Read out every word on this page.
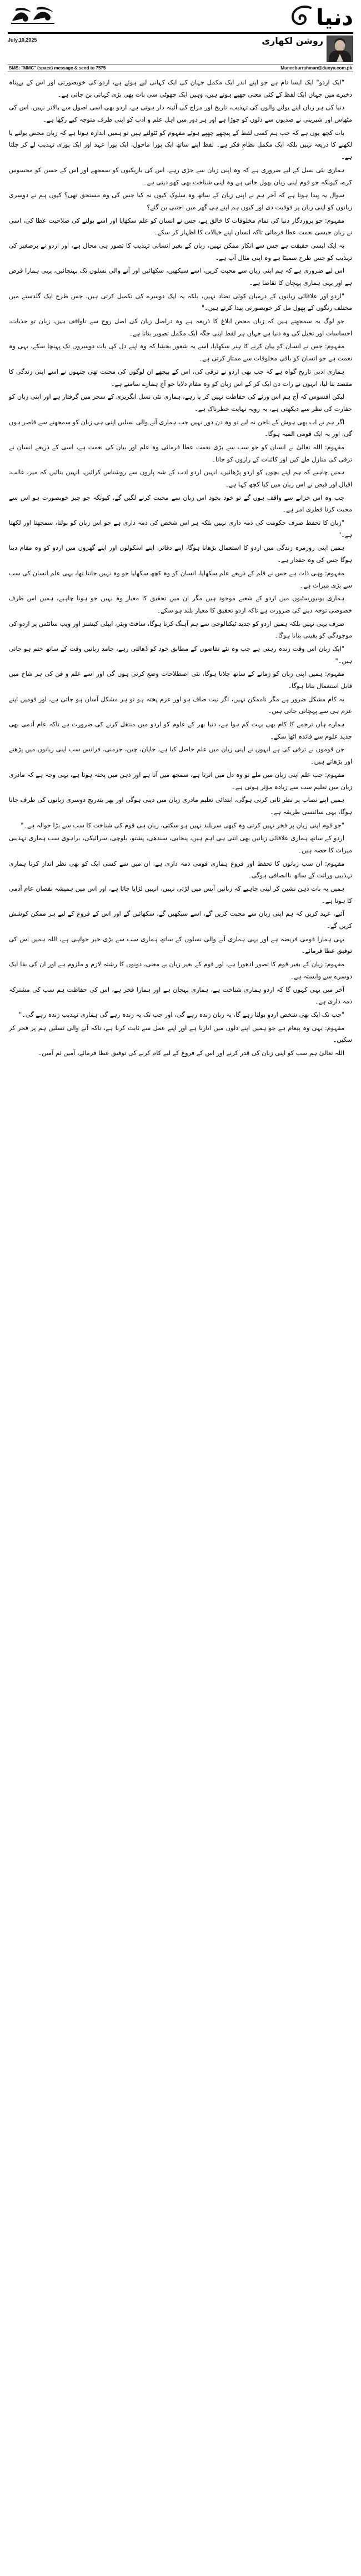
دنیا
July,10,2025	روشن لکھاری
SMS: "MMC" (space) message & send to 7575	Muneeburrahman@dunya.com.pk

"ایک اردو" ایک ایسا نام ہے جو اپنے اندر ایک مکمل جہان کی ایک کہانی لیے ہوئے ہے، اردو کی خوبصورتی اور اس کے بےپناہ ذخیرے میں جہاں ایک لفظ کے کئی معنی چھپے ہوتے ہیں، وہیں ایک چھوٹی سی بات بھی بڑی کہانی بن جاتی ہے۔

دنیا کی ہر زبان اپنے بولنے والوں کی تہذیب، تاریخ اور مزاج کی آئینہ دار ہوتی ہے، اردو بھی اسی اصول سے بالاتر نہیں، اس کی مٹھاس اور شیرینی نے صدیوں سے دلوں کو جوڑا ہے اور ہر دور میں اہل علم و ادب کو اپنی طرف متوجہ کیے رکھا ہے۔

بات کچھ یوں ہے کہ جب ہم کسی لفظ کے پیچھے چھپے ہوئے مفہوم کو ٹٹولتے ہیں تو ہمیں اندازہ ہوتا ہے کہ زبان محض بولنے یا لکھنے کا ذریعہ نہیں بلکہ ایک مکمل نظامِ فکر ہے۔ لفظ اپنے ساتھ ایک پورا ماحول، ایک پورا عہد اور ایک پوری تہذیب لے کر چلتا ہے۔

ہماری نئی نسل کے لیے ضروری ہے کہ وہ اپنی زبان سے جڑی رہے، اس کی باریکیوں کو سمجھے اور اس کے حسن کو محسوس کرے، کیونکہ جو قوم اپنی زبان بھول جاتی ہے وہ اپنی شناخت بھی کھو دیتی ہے۔

سوال یہ پیدا ہوتا ہے کہ آخر ہم نے اپنی زبان کے ساتھ وہ سلوک کیوں نہ کیا جس کی وہ مستحق تھی؟ کیوں ہم نے دوسری زبانوں کو اپنی زبان پر فوقیت دی اور کیوں ہم اپنے ہی گھر میں اجنبی بن گئے؟

مفہوم: جو پروردگار دنیا کی تمام مخلوقات کا خالق ہے، جس نے انسان کو علم سکھایا اور اسے بولنے کی صلاحیت عطا کی، اسی نے زبان جیسی نعمت عطا فرمائی تاکہ انسان اپنے خیالات کا اظہار کر سکے۔

یہ ایک ایسی حقیقت ہے جس سے انکار ممکن نہیں، زبان کے بغیر انسانی تہذیب کا تصور ہی محال ہے، اور اردو نے برصغیر کی تہذیب کو جس طرح سمیٹا ہے وہ اپنی مثال آپ ہے۔

اس لیے ضروری ہے کہ ہم اپنی زبان سے محبت کریں، اسے سیکھیں، سکھائیں اور آنے والی نسلوں تک پہنچائیں، یہی ہمارا فرض ہے اور یہی ہماری پہچان کا تقاضا ہے۔

"اردو اور علاقائی زبانوں کے درمیان کوئی تضاد نہیں، بلکہ یہ ایک دوسرے کی تکمیل کرتی ہیں، جس طرح ایک گلدستے میں مختلف رنگوں کے پھول مل کر خوبصورتی پیدا کرتے ہیں۔"

جو لوگ یہ سمجھتے ہیں کہ زبان محض ابلاغ کا ذریعہ ہے وہ دراصل زبان کی اصل روح سے ناواقف ہیں، زبان تو جذبات، احساسات اور تخیل کی وہ دنیا ہے جہاں ہر لفظ اپنی جگہ ایک مکمل تصویر بناتا ہے۔

مفہوم: جس نے انسان کو بیان کرنے کا ہنر سکھایا، اسے یہ شعور بخشا کہ وہ اپنے دل کی بات دوسروں تک پہنچا سکے، یہی وہ نعمت ہے جو انسان کو باقی مخلوقات سے ممتاز کرتی ہے۔

ہماری ادبی تاریخ گواہ ہے کہ جب بھی اردو نے ترقی کی، اس کے پیچھے ان لوگوں کی محنت تھی جنہوں نے اسے اپنی زندگی کا مقصد بنا لیا، انہوں نے رات دن ایک کر کے اس زبان کو وہ مقام دلایا جو آج ہمارے سامنے ہے۔

لیکن افسوس کہ آج ہم اس ورثے کی حفاظت نہیں کر پا رہے، ہماری نئی نسل انگریزی کے سحر میں گرفتار ہے اور اپنی زبان کو حقارت کی نظر سے دیکھتی ہے، یہ رویہ نہایت خطرناک ہے۔

اگر ہم نے اب بھی ہوش کے ناخن نہ لیے تو وہ دن دور نہیں جب ہماری آنے والی نسلیں اپنی ہی زبان کو سمجھنے سے قاصر ہوں گی، اور یہ ایک قومی المیہ ہوگا۔

مفہوم: اللہ تعالیٰ نے انسان کو جو سب سے بڑی نعمت عطا فرمائی وہ علم اور بیان کی نعمت ہے، اسی کے ذریعے انسان نے ترقی کی منازل طے کیں اور کائنات کے رازوں کو جانا۔

ہمیں چاہیے کہ ہم اپنے بچوں کو اردو پڑھائیں، انہیں اردو ادب کے شہ پاروں سے روشناس کرائیں، انہیں بتائیں کہ میر، غالب، اقبال اور فیض نے اس زبان میں کیا کچھ کہا ہے۔

جب وہ اس خزانے سے واقف ہوں گے تو خود بخود اس زبان سے محبت کرنے لگیں گے، کیونکہ جو چیز خوبصورت ہو اس سے محبت کرنا فطری امر ہے۔

"زبان کا تحفظ صرف حکومت کی ذمہ داری نہیں بلکہ ہر اس شخص کی ذمہ داری ہے جو اس زبان کو بولتا، سمجھتا اور لکھتا ہے۔"

ہمیں اپنی روزمرہ زندگی میں اردو کا استعمال بڑھانا ہوگا، اپنے دفاتر، اپنے اسکولوں اور اپنے گھروں میں اردو کو وہ مقام دینا ہوگا جس کی وہ حقدار ہے۔

مفہوم: وہی ذات ہے جس نے قلم کے ذریعے علم سکھایا، انسان کو وہ کچھ سکھایا جو وہ نہیں جانتا تھا، یہی علم انسان کی سب سے بڑی میراث ہے۔

ہماری یونیورسٹیوں میں اردو کے شعبے موجود ہیں مگر ان میں تحقیق کا معیار وہ نہیں جو ہونا چاہیے، ہمیں اس طرف خصوصی توجہ دینے کی ضرورت ہے تاکہ اردو تحقیق کا معیار بلند ہو سکے۔

صرف یہی نہیں بلکہ ہمیں اردو کو جدید ٹیکنالوجی سے ہم آہنگ کرنا ہوگا، سافٹ ویئر، ایپلی کیشنز اور ویب سائٹس پر اردو کی موجودگی کو یقینی بنانا ہوگا۔

"ایک زبان اس وقت زندہ رہتی ہے جب وہ نئے تقاضوں کے مطابق خود کو ڈھالتی رہے، جامد زبانیں وقت کے ساتھ ختم ہو جاتی ہیں۔"

مفہوم: ہمیں اپنی زبان کو زمانے کے ساتھ چلانا ہوگا، نئی اصطلاحات وضع کرنی ہوں گی اور اسے علم و فن کی ہر شاخ میں قابل استعمال بنانا ہوگا۔

یہ کام مشکل ضرور ہے مگر ناممکن نہیں، اگر نیت صاف ہو اور عزم پختہ ہو تو ہر مشکل آسان ہو جاتی ہے، اور قومیں اپنے عزم ہی سے پہچانی جاتی ہیں۔

ہمارے ہاں ترجمے کا کام بھی بہت کم ہوا ہے، دنیا بھر کے علوم کو اردو میں منتقل کرنے کی ضرورت ہے تاکہ عام آدمی بھی جدید علوم سے فائدہ اٹھا سکے۔

جن قوموں نے ترقی کی ہے انہوں نے اپنی زبان میں علم حاصل کیا ہے، جاپان، چین، جرمنی، فرانس سب اپنی زبانوں میں پڑھتے اور پڑھاتے ہیں۔

مفہوم: جب علم اپنی زبان میں ملے تو وہ دل میں اترتا ہے، سمجھ میں آتا ہے اور ذہن میں پختہ ہوتا ہے، یہی وجہ ہے کہ مادری زبان میں تعلیم سب سے زیادہ مؤثر ہوتی ہے۔

ہمیں اپنے نصاب پر نظر ثانی کرنی ہوگی، ابتدائی تعلیم مادری زبان میں دینی ہوگی اور پھر بتدریج دوسری زبانوں کی طرف جانا ہوگا، یہی سائنسی طریقہ ہے۔

"جو قوم اپنی زبان پر فخر نہیں کرتی وہ کبھی سربلند نہیں ہو سکتی، زبان ہی قوم کی شناخت کا سب سے بڑا حوالہ ہے۔"

اردو کے ساتھ ہماری علاقائی زبانیں بھی اتنی ہی اہم ہیں، پنجابی، سندھی، پشتو، بلوچی، سرائیکی، براہوی سب ہماری تہذیبی میراث کا حصہ ہیں۔

مفہوم: ان سب زبانوں کا تحفظ اور فروغ ہماری قومی ذمہ داری ہے، ان میں سے کسی ایک کو بھی نظر انداز کرنا ہماری تہذیبی وراثت کے ساتھ ناانصافی ہوگی۔

ہمیں یہ بات ذہن نشین کر لینی چاہیے کہ زبانیں آپس میں لڑتی نہیں، انہیں لڑایا جاتا ہے، اور اس میں ہمیشہ نقصان عام آدمی کا ہوتا ہے۔

آئیے، عہد کریں کہ ہم اپنی زبان سے محبت کریں گے، اسے سیکھیں گے، سکھائیں گے اور اس کے فروغ کے لیے ہر ممکن کوشش کریں گے۔

یہی ہمارا قومی فریضہ ہے اور یہی ہماری آنے والی نسلوں کے ساتھ ہماری سب سے بڑی خیر خواہی ہے، اللہ ہمیں اس کی توفیق عطا فرمائے۔

مفہوم: زبان کے بغیر قوم کا تصور ادھورا ہے، اور قوم کے بغیر زبان بے معنی، دونوں کا رشتہ لازم و ملزوم ہے اور ان کی بقا ایک دوسرے سے وابستہ ہے۔

آخر میں یہی کہوں گا کہ اردو ہماری شناخت ہے، ہماری پہچان ہے اور ہمارا فخر ہے، اس کی حفاظت ہم سب کی مشترکہ ذمہ داری ہے۔

"جب تک ایک بھی شخص اردو بولتا رہے گا، یہ زبان زندہ رہے گی، اور جب تک یہ زندہ رہے گی ہماری تہذیب زندہ رہے گی۔"

مفہوم: یہی وہ پیغام ہے جو ہمیں اپنے دلوں میں اتارنا ہے اور اپنے عمل سے ثابت کرنا ہے، تاکہ آنے والی نسلیں ہم پر فخر کر سکیں۔

اللہ تعالیٰ ہم سب کو اپنی زبان کی قدر کرنے اور اس کے فروغ کے لیے کام کرنے کی توفیق عطا فرمائے، آمین ثم آمین۔
